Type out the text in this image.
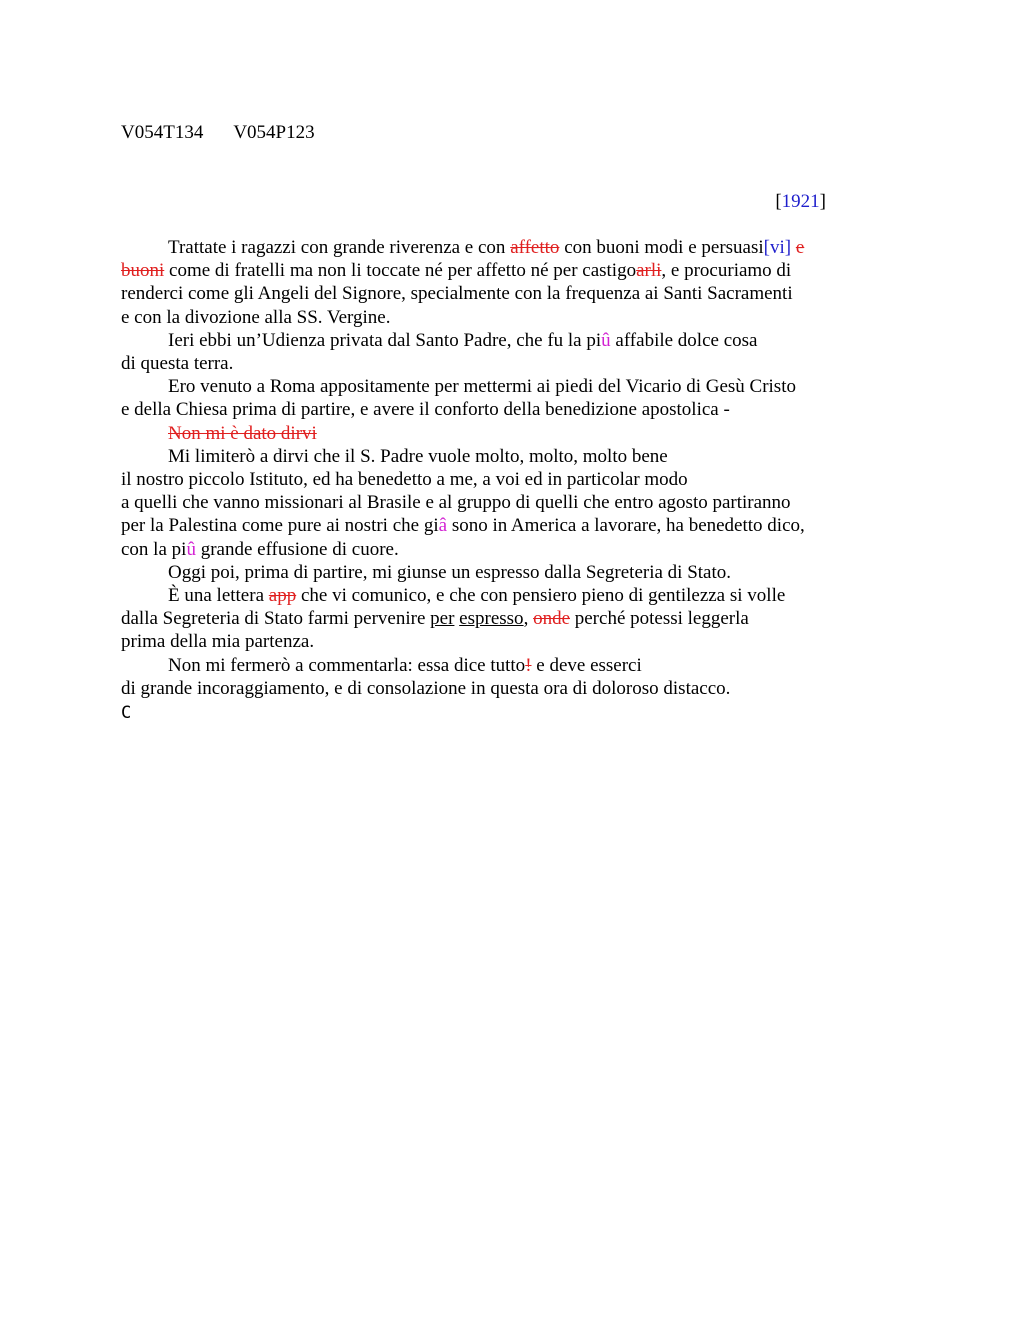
V054T134 V054P123
[1921]
Trattate i ragazzi con grande riverenza e con affetto con buoni modi e persuasi[vi] e
buoni come di fratelli ma non li toccate né per affetto né per castigoarli, e procuriamo di
renderci come gli Angeli del Signore, specialmente con la frequenza ai Santi Sacramenti
e con la divozione alla SS. Vergine.
Ieri ebbi un’Udienza privata dal Santo Padre, che fu la piû affabile dolce cosa
di questa terra.
Ero venuto a Roma appositamente per mettermi ai piedi del Vicario di Gesù Cristo
e della Chiesa prima di partire, e avere il conforto della benedizione apostolica -
Non mi è dato dirvi
Mi limiterò a dirvi che il S. Padre vuole molto, molto, molto bene
il nostro piccolo Istituto, ed ha benedetto a me, a voi ed in particolar modo
a quelli che vanno missionari al Brasile e al gruppo di quelli che entro agosto partiranno
per la Palestina come pure ai nostri che giâ sono in America a lavorare, ha benedetto dico,
con la piû grande effusione di cuore.
Oggi poi, prima di partire, mi giunse un espresso dalla Segreteria di Stato.
È una lettera app che vi comunico, e che con pensiero pieno di gentilezza si volle
dalla Segreteria di Stato farmi pervenire per espresso, onde perché potessi leggerla
prima della mia partenza.
Non mi fermerò a commentarla: essa dice tutto! e deve esserci
di grande incoraggiamento, e di consolazione in questa ora di doloroso distacco.
C
